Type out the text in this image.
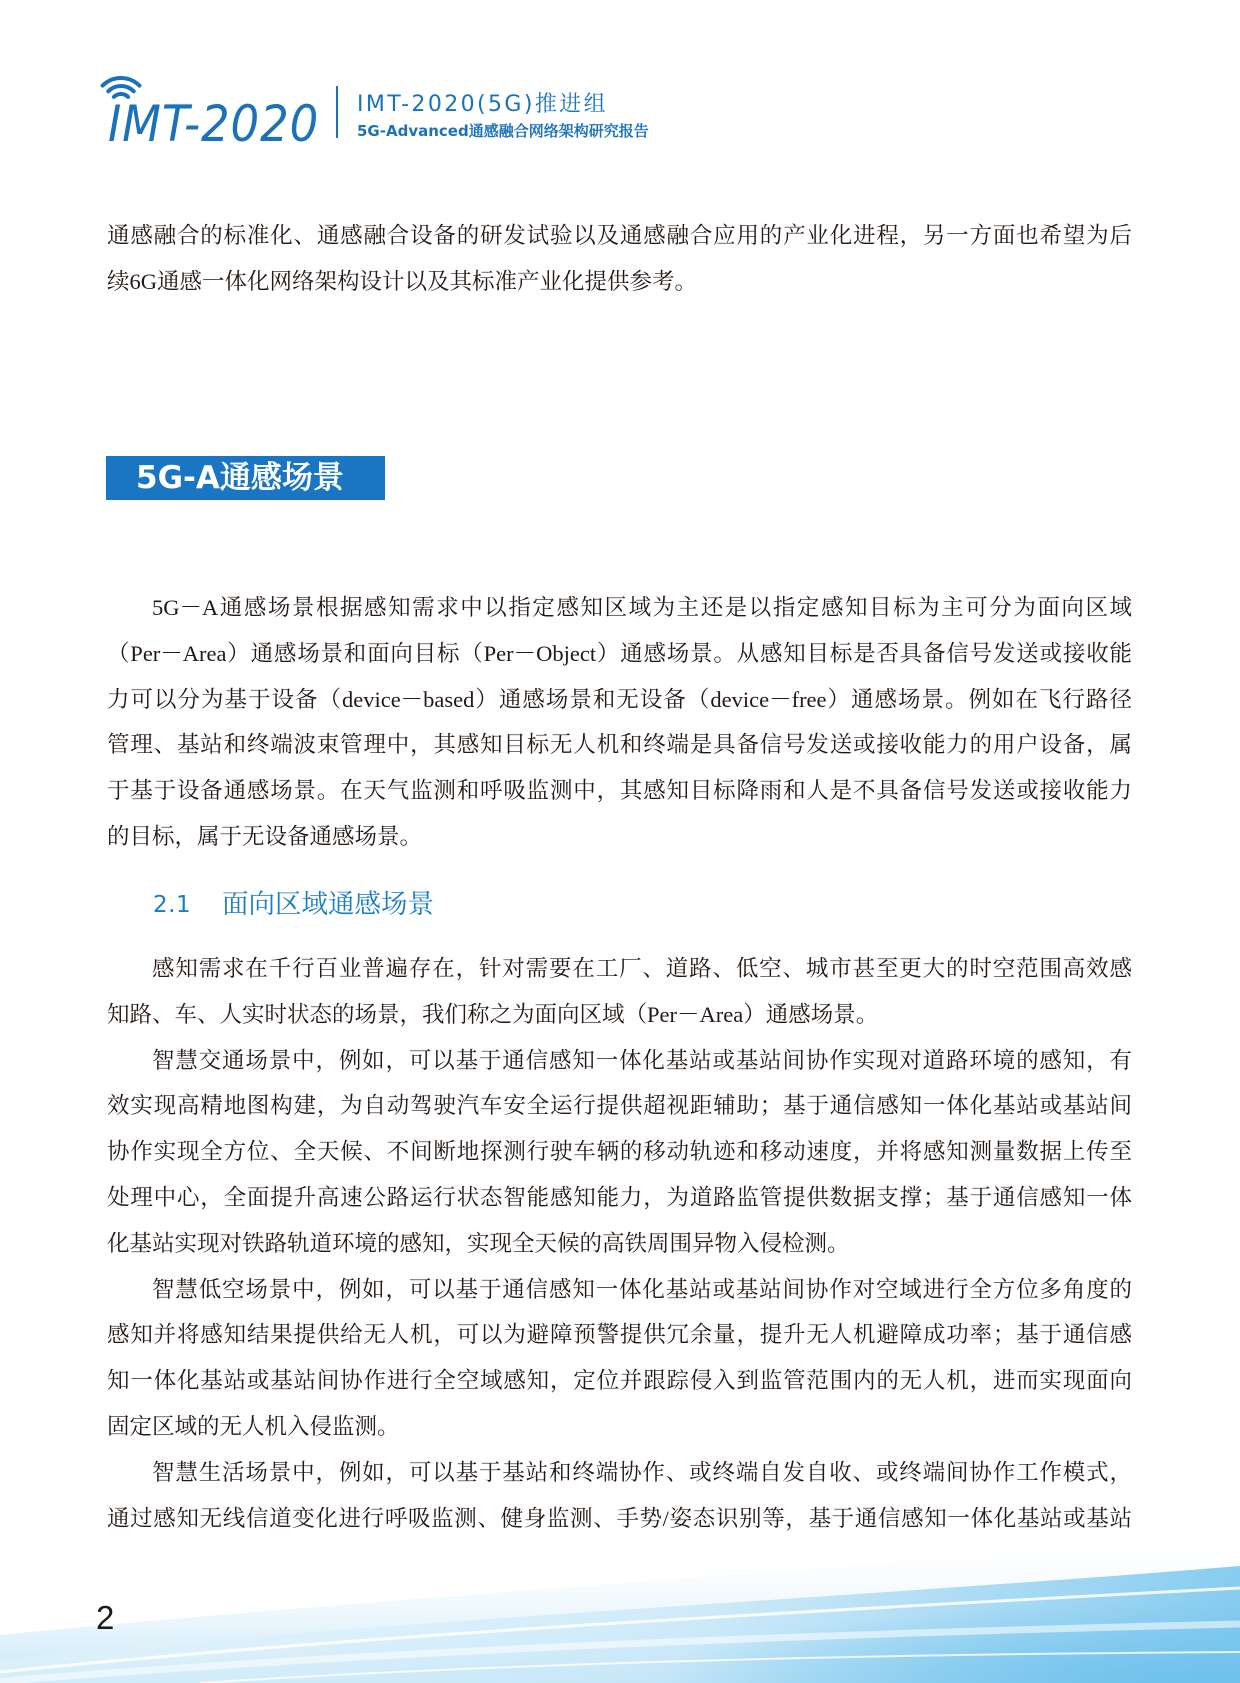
IMT-2020 IMT-2020(5G)推进组
5G-Advanced通感融合网络架构研究报告
通感融合的标准化、通感融合设备的研发试验以及通感融合应用的产业化进程，另一方面也希望为后
续6G通感一体化网络架构设计以及其标准产业化提供参考。
5G-A通感场景
5G－A通感场景根据感知需求中以指定感知区域为主还是以指定感知目标为主可分为面向区域
（Per－Area）通感场景和面向目标（Per－Object）通感场景。从感知目标是否具备信号发送或接收能
力可以分为基于设备（device－based）通感场景和无设备（device－free）通感场景。例如在飞行路径
管理、基站和终端波束管理中，其感知目标无人机和终端是具备信号发送或接收能力的用户设备，属
于基于设备通感场景。在天气监测和呼吸监测中，其感知目标降雨和人是不具备信号发送或接收能力
的目标，属于无设备通感场景。
2.1 面向区域通感场景
感知需求在千行百业普遍存在，针对需要在工厂、道路、低空、城市甚至更大的时空范围高效感
知路、车、人实时状态的场景，我们称之为面向区域（Per－Area）通感场景。
智慧交通场景中，例如，可以基于通信感知一体化基站或基站间协作实现对道路环境的感知，有
效实现高精地图构建，为自动驾驶汽车安全运行提供超视距辅助；基于通信感知一体化基站或基站间
协作实现全方位、全天候、不间断地探测行驶车辆的移动轨迹和移动速度，并将感知测量数据上传至
处理中心，全面提升高速公路运行状态智能感知能力，为道路监管提供数据支撑；基于通信感知一体
化基站实现对铁路轨道环境的感知，实现全天候的高铁周围异物入侵检测。
智慧低空场景中，例如，可以基于通信感知一体化基站或基站间协作对空域进行全方位多角度的
感知并将感知结果提供给无人机，可以为避障预警提供冗余量，提升无人机避障成功率；基于通信感
知一体化基站或基站间协作进行全空域感知，定位并跟踪侵入到监管范围内的无人机，进而实现面向
固定区域的无人机入侵监测。
智慧生活场景中，例如，可以基于基站和终端协作、或终端自发自收、或终端间协作工作模式，
通过感知无线信道变化进行呼吸监测、健身监测、手势/姿态识别等，基于通信感知一体化基站或基站
2
